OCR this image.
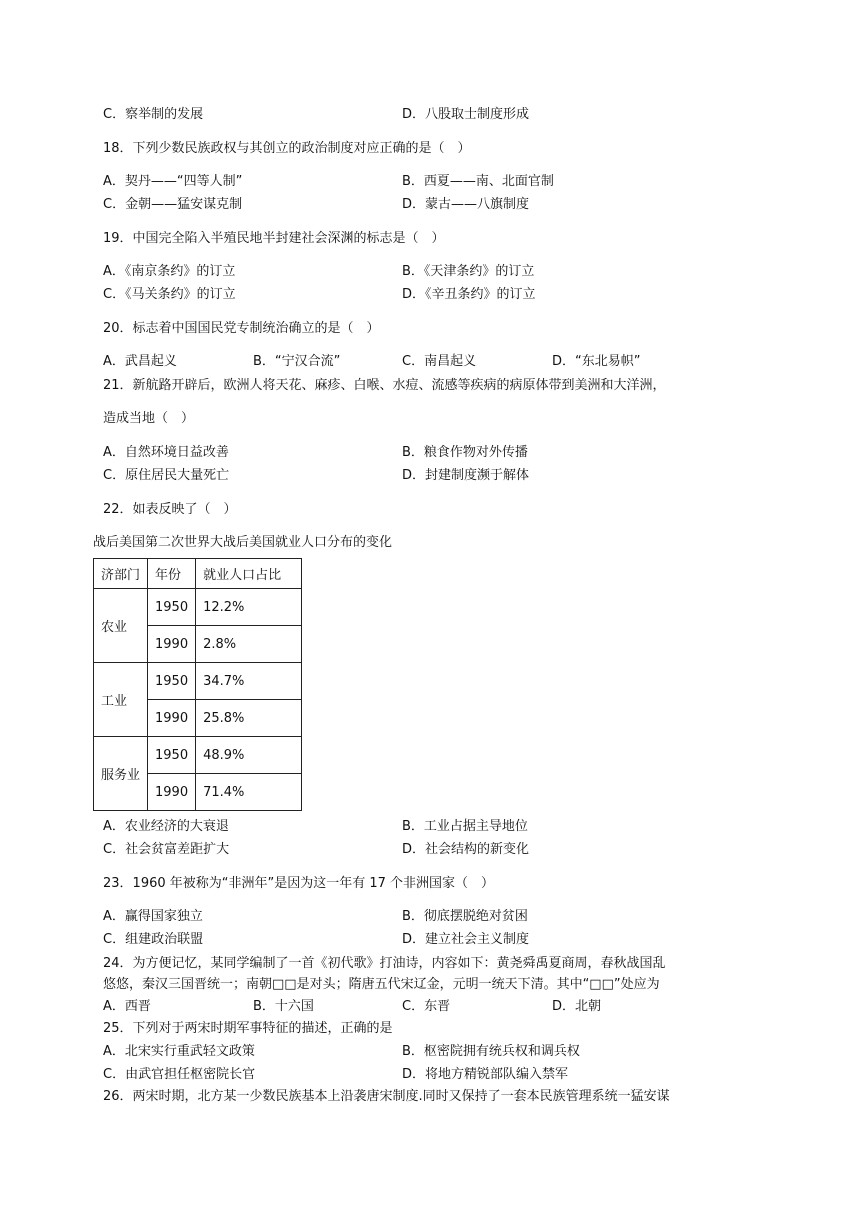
C．察举制的发展	D．八股取士制度形成
18．下列少数民族政权与其创立的政治制度对应正确的是（　）
A．契丹——“四等人制”	B．西夏——南、北面官制
C．金朝——猛安谋克制	D．蒙古——八旗制度
19．中国完全陷入半殖民地半封建社会深渊的标志是（　）
A．《南京条约》的订立	B．《天津条约》的订立
C．《马关条约》的订立	D．《辛丑条约》的订立
20．标志着中国国民党专制统治确立的是（　）
A．武昌起义	B．“宁汉合流”	C．南昌起义	D．“东北易帜”
21．新航路开辟后，欧洲人将天花、麻疹、白喉、水痘、流感等疾病的病原体带到美洲和大洋洲，
造成当地（　）
A．自然环境日益改善	B．粮食作物对外传播
C．原住居民大量死亡	D．封建制度濒于解体
22．如表反映了（　）
战后美国第二次世界大战后美国就业人口分布的变化
济部门	年份	就业人口占比
农业	1950	12.2%
	1990	2.8%
工业	1950	34.7%
	1990	25.8%
服务业	1950	48.9%
	1990	71.4%
A．农业经济的大衰退	B．工业占据主导地位
C．社会贫富差距扩大	D．社会结构的新变化
23．1960 年被称为“非洲年”是因为这一年有 17 个非洲国家（　）
A．赢得国家独立	B．彻底摆脱绝对贫困
C．组建政治联盟	D．建立社会主义制度
24．为方便记忆，某同学编制了一首《初代歌》打油诗，内容如下：黄尧舜禹夏商周，春秋战国乱
悠悠，秦汉三国晋统一；南朝□□是对头；隋唐五代宋辽金，元明一统天下清。其中“□□”处应为
A．西晋	B．十六国	C．东晋	D．北朝
25．下列对于两宋时期军事特征的描述，正确的是
A．北宋实行重武轻文政策	B．枢密院拥有统兵权和调兵权
C．由武官担任枢密院长官	D．将地方精锐部队编入禁军
26．两宋时期，北方某一少数民族基本上沿袭唐宋制度.同时又保持了一套本民族管理系统一猛安谋
